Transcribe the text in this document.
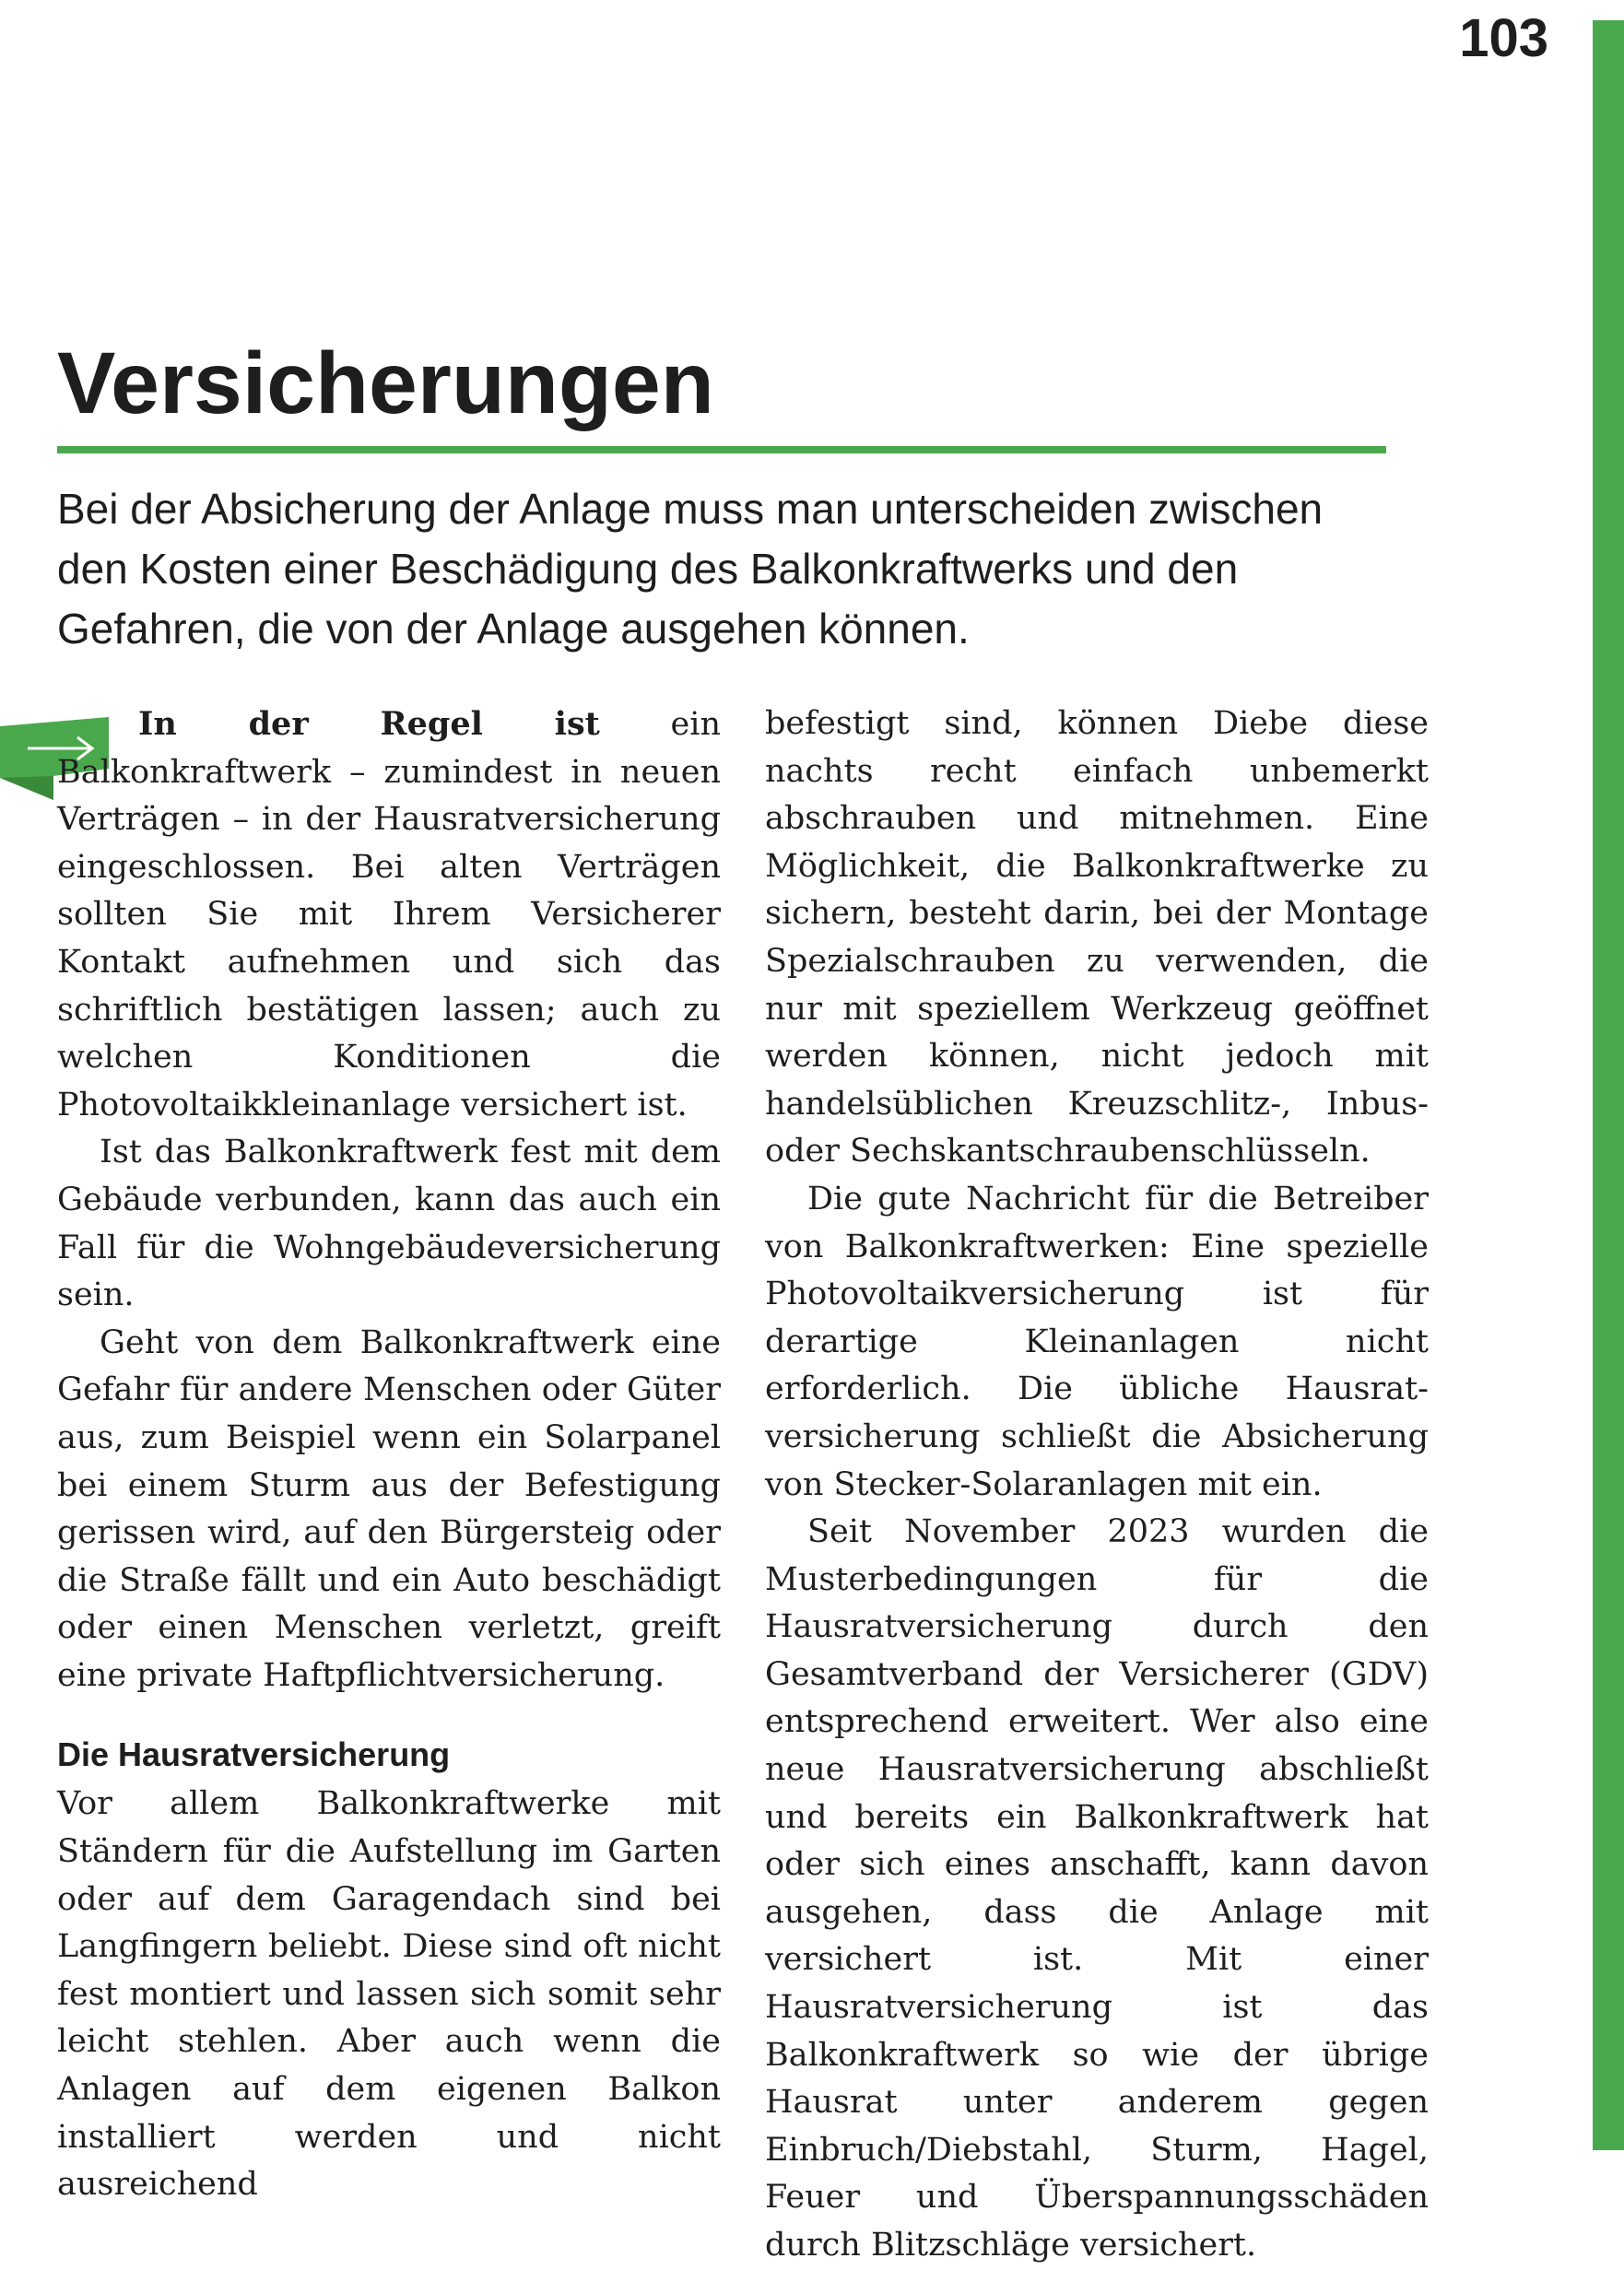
103
Versicherungen

Bei der Absicherung der Anlage muss man unterscheiden zwischen den Kosten einer Beschädigung des Balkonkraftwerks und den Gefahren, die von der Anlage ausgehen können.

In der Regel ist ein Balkonkraftwerk – zumindest in neuen Verträgen – in der Hausratversicherung eingeschlossen. Bei alten Verträgen sollten Sie mit Ihrem Versicherer Kontakt aufnehmen und sich das schriftlich bestätigen lassen; auch zu welchen Konditionen die Photovoltaikkleinanlage versichert ist.

Ist das Balkonkraftwerk fest mit dem Gebäude verbunden, kann das auch ein Fall für die Wohngebäudeversicherung sein.

Geht von dem Balkonkraftwerk eine Gefahr für andere Menschen oder Güter aus, zum Beispiel wenn ein Solarpanel bei einem Sturm aus der Befestigung gerissen wird, auf den Bürgersteig oder die Straße fällt und ein Auto beschädigt oder einen Menschen verletzt, greift eine private Haftpflichtversicherung.

Die Hausratversicherung

Vor allem Balkonkraftwerke mit Ständern für die Aufstellung im Garten oder auf dem Garagendach sind bei Langfingern beliebt. Diese sind oft nicht fest montiert und lassen sich somit sehr leicht stehlen. Aber auch wenn die Anlagen auf dem eigenen Balkon installiert werden und nicht ausreichend

befestigt sind, können Diebe diese nachts recht einfach unbemerkt abschrauben und mitnehmen. Eine Möglichkeit, die Balkonkraftwerke zu sichern, besteht darin, bei der Montage Spezialschrauben zu verwenden, die nur mit speziellem Werkzeug geöffnet werden können, nicht jedoch mit handelsüblichen Kreuzschlitz-, Inbus- oder Sechskantschraubenschlüsseln.

Die gute Nachricht für die Betreiber von Balkonkraftwerken: Eine spezielle Photovoltaikversicherung ist für derartige Kleinanlagen nicht erforderlich. Die übliche Hausratversicherung schließt die Absicherung von Stecker-Solaranlagen mit ein.

Seit November 2023 wurden die Musterbedingungen für die Hausratversicherung durch den Gesamtverband der Versicherer (GDV) entsprechend erweitert. Wer also eine neue Hausratversicherung abschließt und bereits ein Balkonkraftwerk hat oder sich eines anschafft, kann davon ausgehen, dass die Anlage mit versichert ist. Mit einer Hausratversicherung ist das Balkonkraftwerk so wie der übrige Hausrat unter anderem gegen Einbruch/Diebstahl, Sturm, Hagel, Feuer und Überspannungsschäden durch Blitzschläge versichert.
